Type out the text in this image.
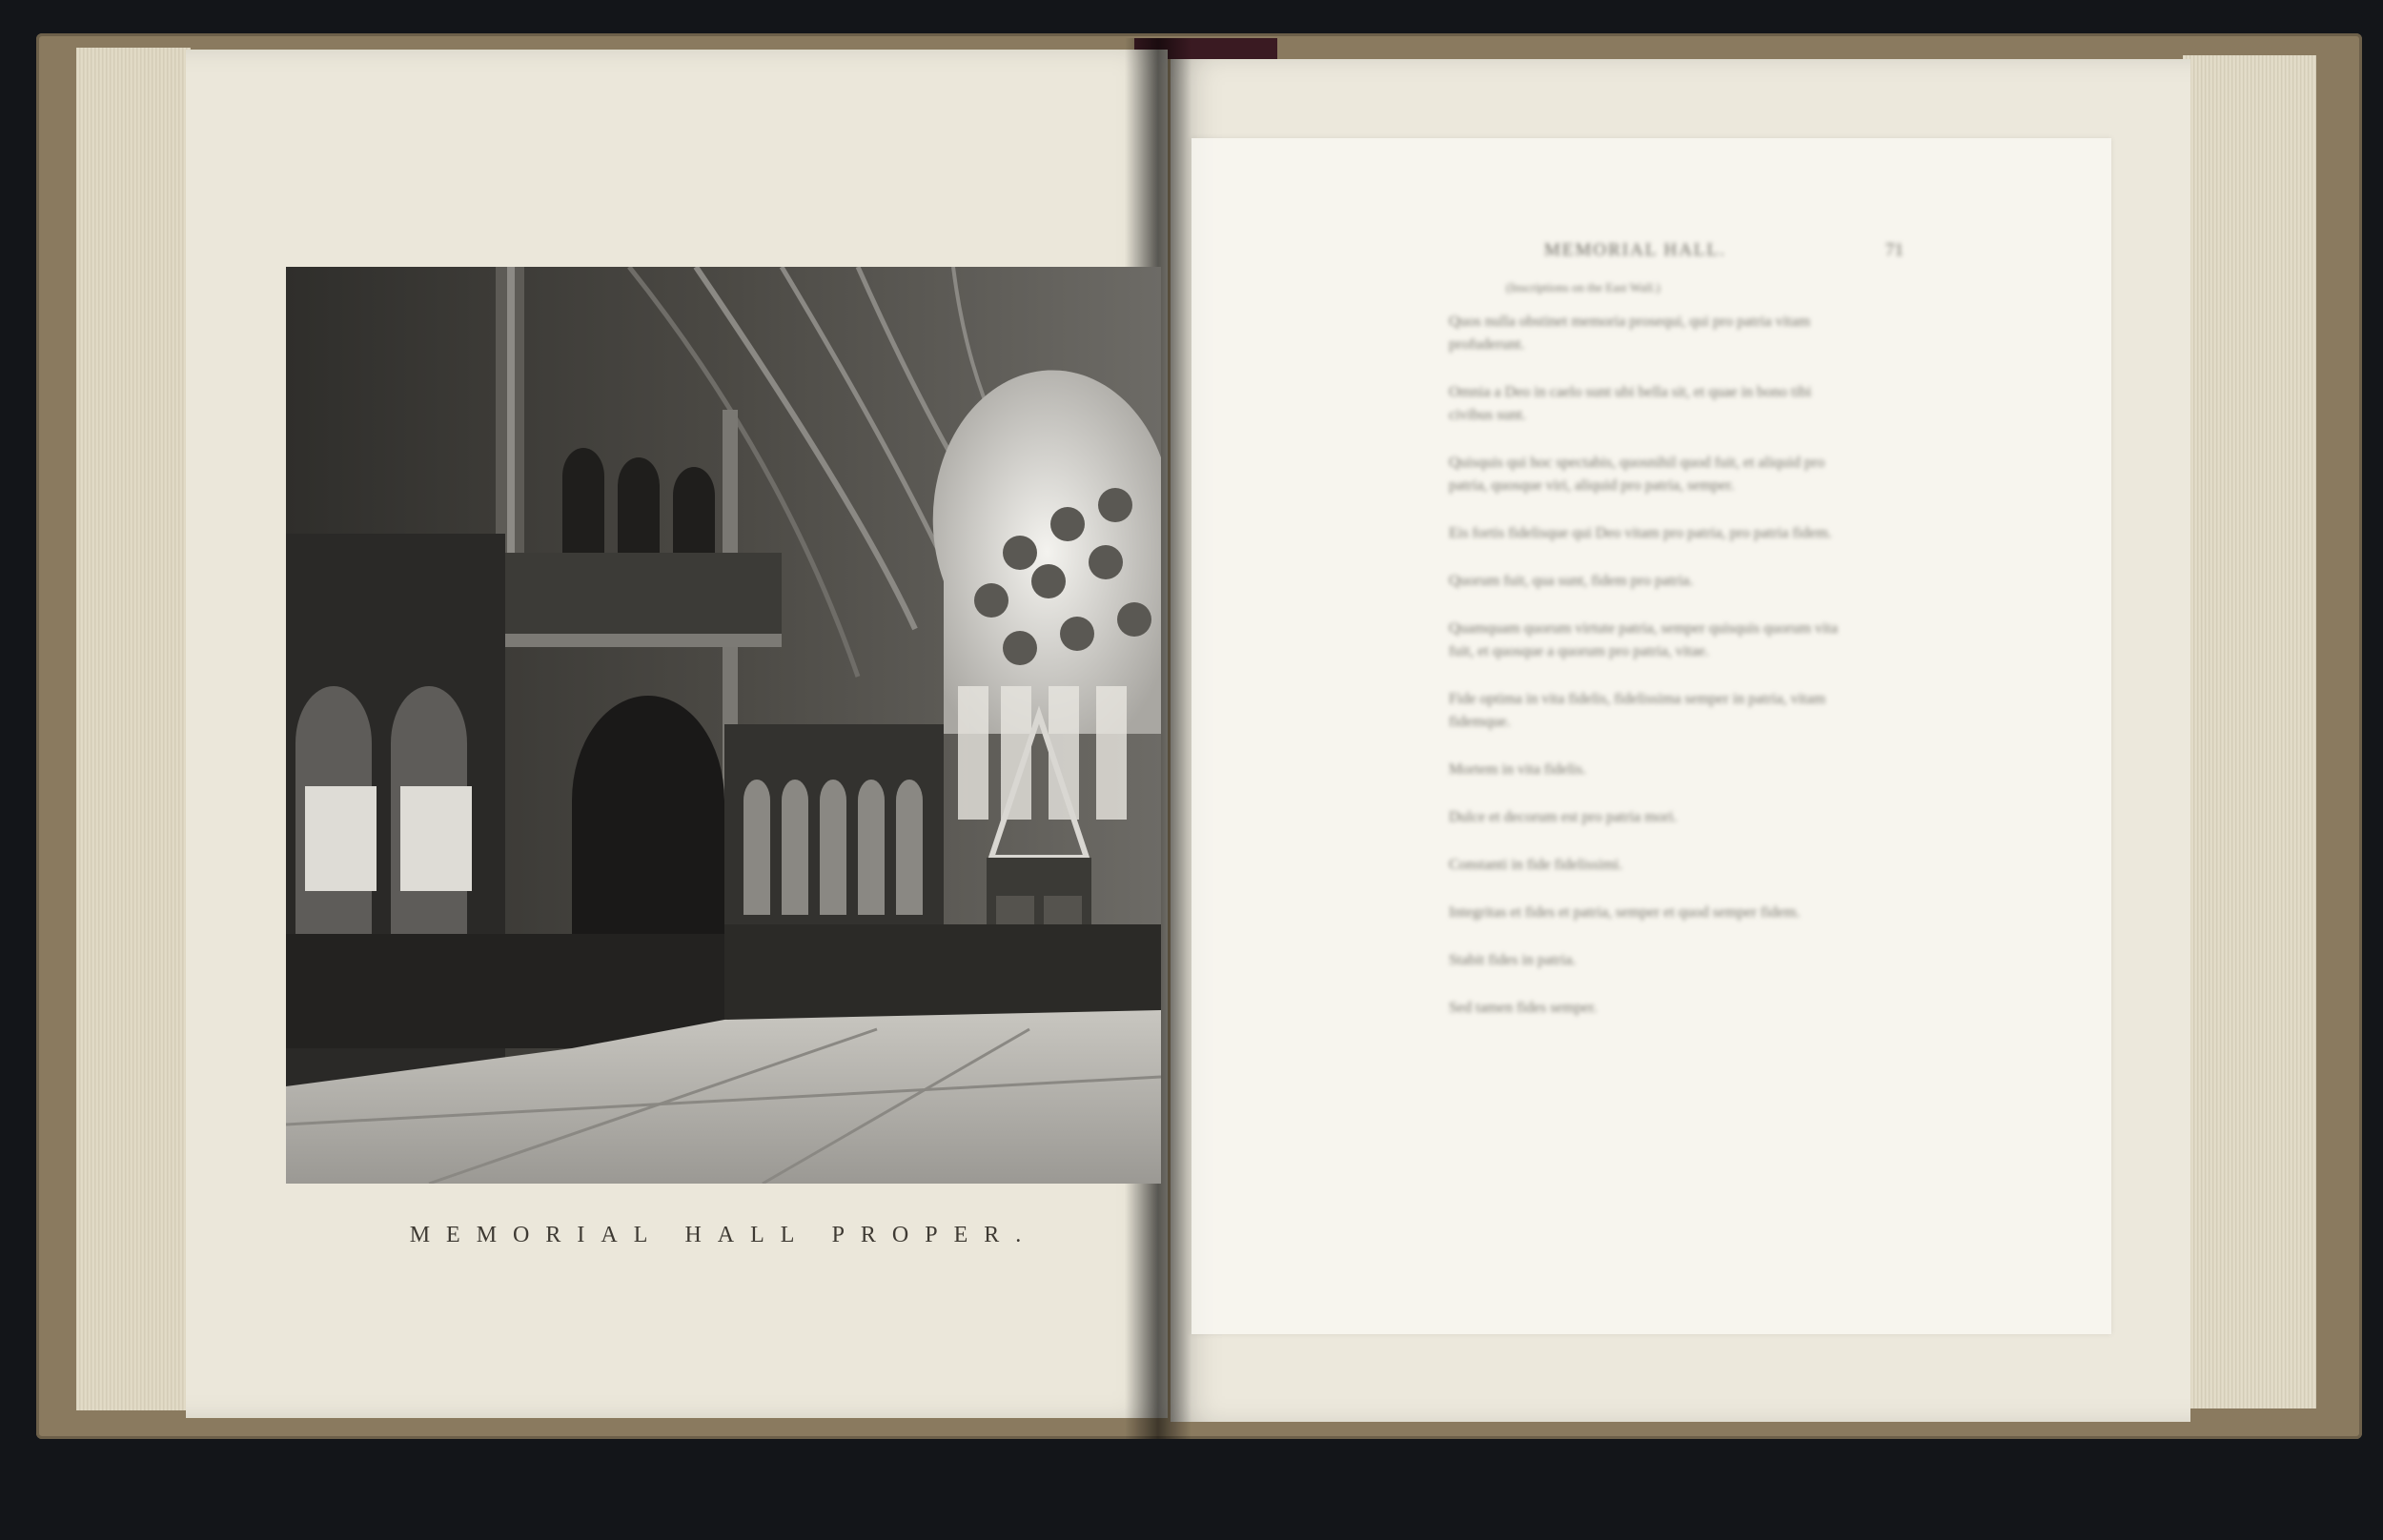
MEMORIAL HALL PROPER.
MEMORIAL HALL.	71

(Inscriptions on the East Wall.)

Quos nulla obstinet memoria prosequi, qui pro patria vitam profuderunt.

Omnia a Deo in caelo sunt ubi bella sit, et quae in bono tibi civibus sunt.

Quisquis qui hoc spectabis, quosnihil quod fuit, et aliquid pro patria, quosque viri, aliquid pro patria, semper.

Eis fortis fidelisque qui Deo vitam pro patria, pro patria fidem.

Quorum fuit, qua sunt, fidem pro patria.

Quamquam quorum virtute patria, semper quisquis quorum vita fuit, et quosque a quorum pro patria, vitae.

Fide optima in vita fidelis, fidelissima semper in patria, vitam fidemque.

Mortem in vita fidelis.

Dulce et decorum est pro patria mori.

Constanti in fide fidelissimi.

Integritas et fides et patria, semper et quod semper fidem.

Stabit fides in patria.

Sed tamen fides semper.
